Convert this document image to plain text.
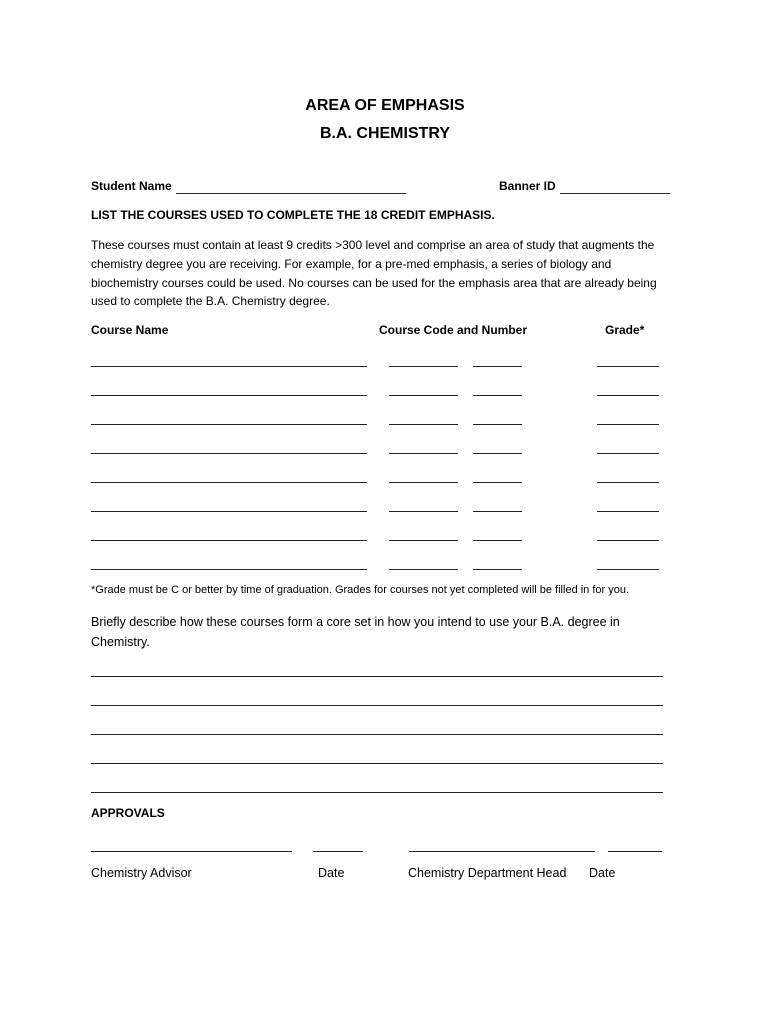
AREA OF EMPHASIS
B.A. CHEMISTRY
Student Name	Banner ID
LIST THE COURSES USED TO COMPLETE THE 18 CREDIT EMPHASIS.
These courses must contain at least 9 credits >300 level and comprise an area of study that augments the chemistry degree you are receiving. For example, for a pre-med emphasis, a series of biology and biochemistry courses could be used. No courses can be used for the emphasis area that are already being used to complete the B.A. Chemistry degree.
Course Name	Course Code and Number	Grade*
*Grade must be C or better by time of graduation. Grades for courses not yet completed will be filled in for you.
Briefly describe how these courses form a core set in how you intend to use your B.A. degree in Chemistry.
APPROVALS
Chemistry Advisor	Date	Chemistry Department Head Date
